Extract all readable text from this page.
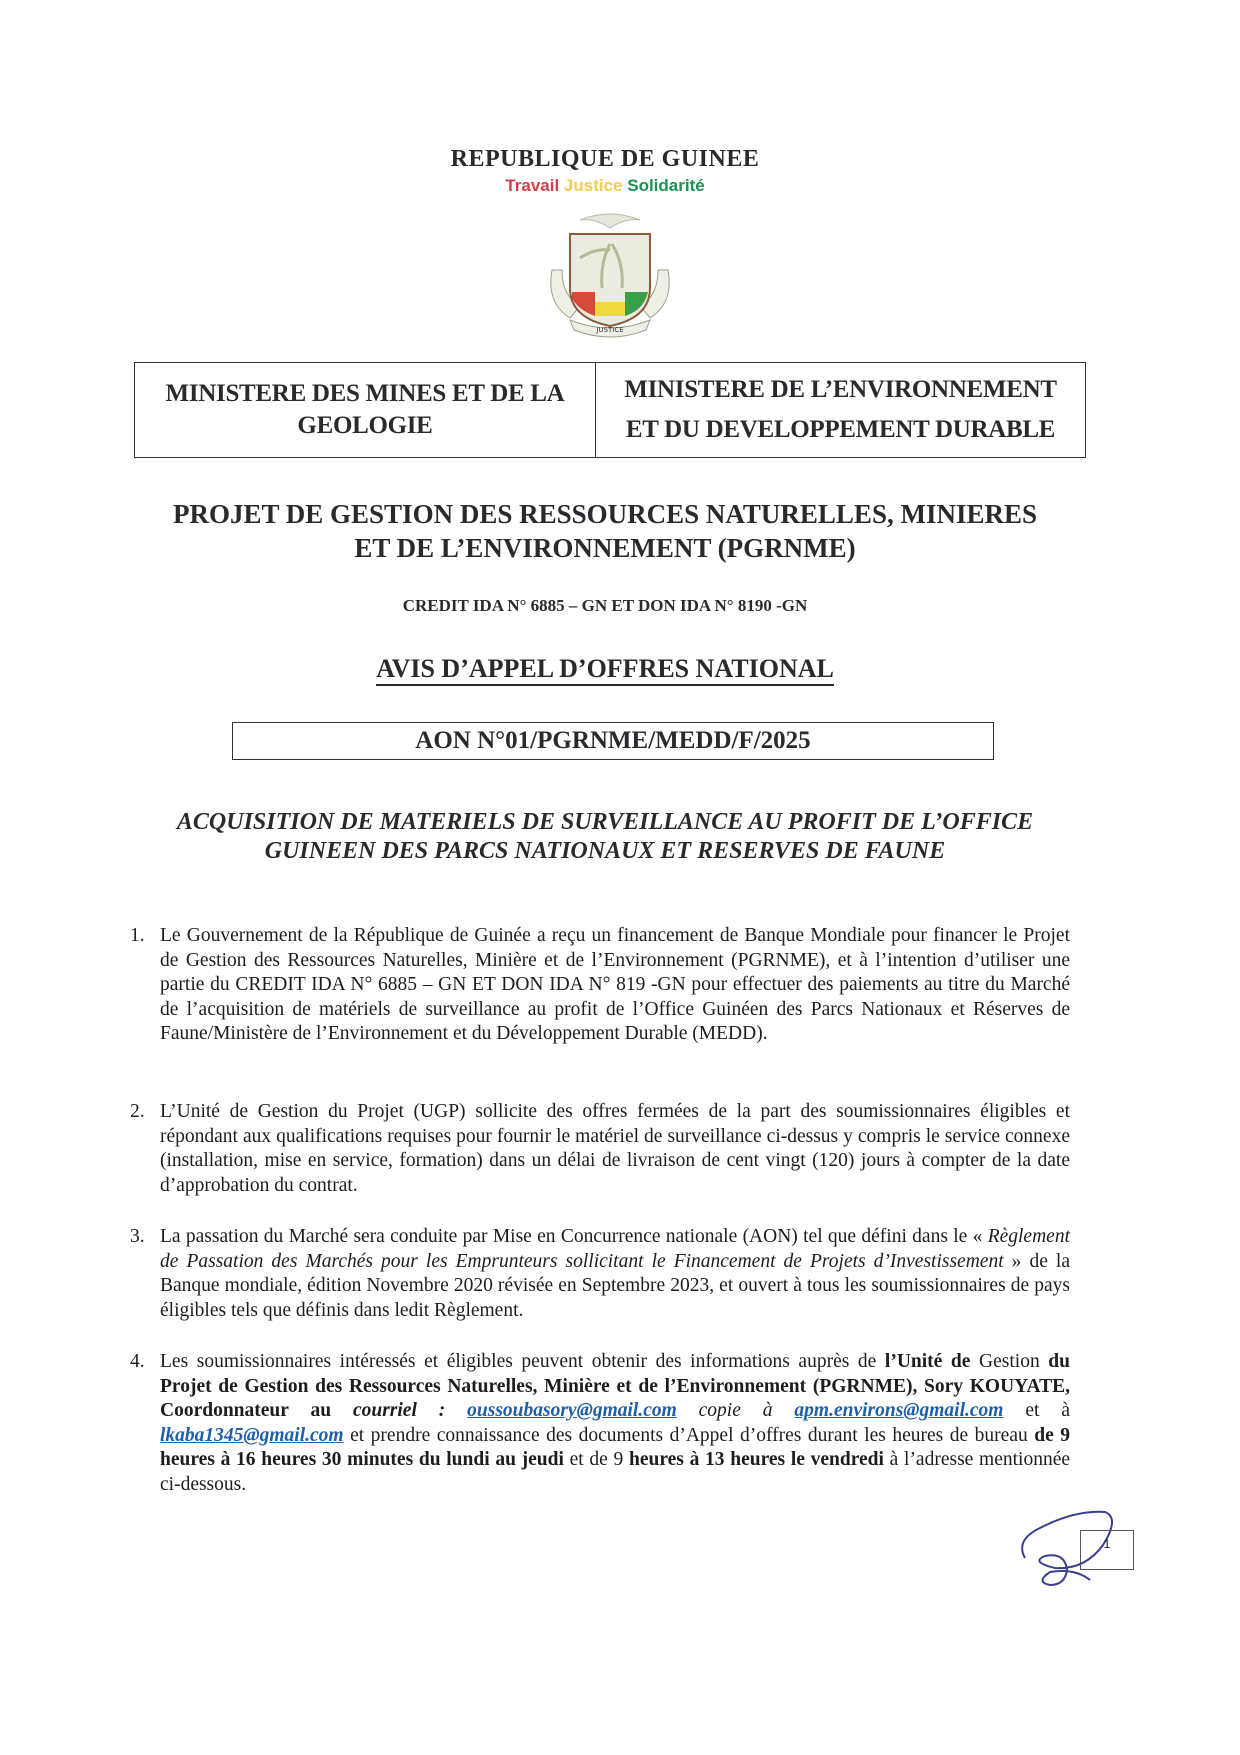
REPUBLIQUE DE GUINEE
Travail Justice Solidarité
JUSTICE
MINISTERE DES MINES ET DE LA GEOLOGIE
MINISTERE DE L’ENVIRONNEMENT
ET DU DEVELOPPEMENT DURABLE
PROJET DE GESTION DES RESSOURCES NATURELLES, MINIERES
ET DE L’ENVIRONNEMENT (PGRNME)
CREDIT IDA N° 6885 – GN ET DON IDA N° 8190 -GN
AVIS D’APPEL D’OFFRES NATIONAL
AON N°01/PGRNME/MEDD/F/2025
ACQUISITION DE MATERIELS DE SURVEILLANCE AU PROFIT DE L’OFFICE
GUINEEN DES PARCS NATIONAUX ET RESERVES DE FAUNE
1. Le Gouvernement de la République de Guinée a reçu un financement de Banque Mondiale pour financer le Projet de Gestion des Ressources Naturelles, Minière et de l’Environnement (PGRNME), et à l’intention d’utiliser une partie du CREDIT IDA N° 6885 – GN ET DON IDA N° 819 -GN pour effectuer des paiements au titre du Marché de l’acquisition de matériels de surveillance au profit de l’Office Guinéen des Parcs Nationaux et Réserves de Faune/Ministère de l’Environnement et du Développement Durable (MEDD).
2. L’Unité de Gestion du Projet (UGP) sollicite des offres fermées de la part des soumissionnaires éligibles et répondant aux qualifications requises pour fournir le matériel de surveillance ci-dessus y compris le service connexe (installation, mise en service, formation) dans un délai de livraison de cent vingt (120) jours à compter de la date d’approbation du contrat.
3. La passation du Marché sera conduite par Mise en Concurrence nationale (AON) tel que défini dans le « Règlement de Passation des Marchés pour les Emprunteurs sollicitant le Financement de Projets d’Investissement » de la Banque mondiale, édition Novembre 2020 révisée en Septembre 2023, et ouvert à tous les soumissionnaires de pays éligibles tels que définis dans ledit Règlement.
4. Les soumissionnaires intéressés et éligibles peuvent obtenir des informations auprès de l’Unité de Gestion du Projet de Gestion des Ressources Naturelles, Minière et de l’Environnement (PGRNME), Sory KOUYATE, Coordonnateur au courriel : oussoubasory@gmail.com copie à apm.environs@gmail.com et à lkaba1345@gmail.com et prendre connaissance des documents d’Appel d’offres durant les heures de bureau de 9 heures à 16 heures 30 minutes du lundi au jeudi et de 9 heures à 13 heures le vendredi à l’adresse mentionnée ci-dessous.
1
